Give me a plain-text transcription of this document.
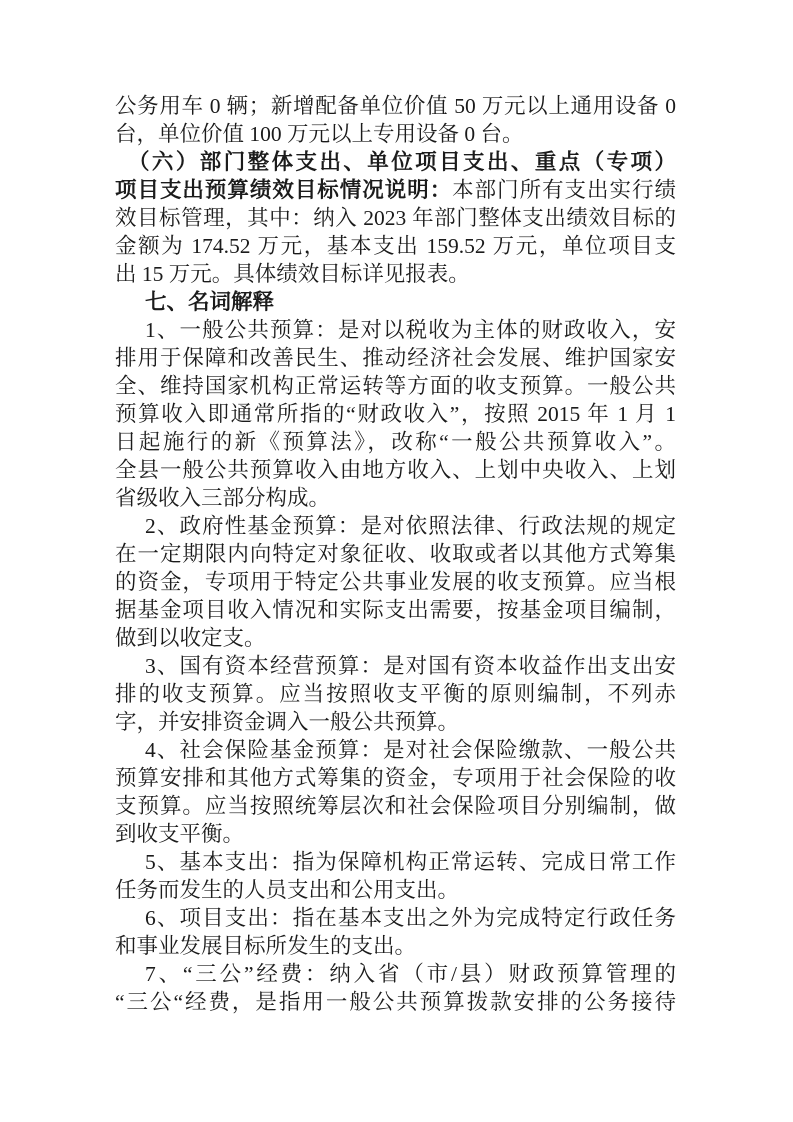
公务用车 0 辆；新增配备单位价值 50 万元以上通用设备 0
台，单位价值 100 万元以上专用设备 0 台。
（六）部门整体支出、单位项目支出、重点（专项）
项目支出预算绩效目标情况说明：本部门所有支出实行绩
效目标管理，其中：纳入 2023 年部门整体支出绩效目标的
金额为 174.52 万元，基本支出 159.52 万元，单位项目支
出 15 万元。具体绩效目标详见报表。
七、名词解释
1、一般公共预算：是对以税收为主体的财政收入，安
排用于保障和改善民生、推动经济社会发展、维护国家安
全、维持国家机构正常运转等方面的收支预算。一般公共
预算收入即通常所指的“财政收入”，按照 2015 年 1 月 1
日起施行的新《预算法》，改称“一般公共预算收入”。
全县一般公共预算收入由地方收入、上划中央收入、上划
省级收入三部分构成。
2、政府性基金预算：是对依照法律、行政法规的规定
在一定期限内向特定对象征收、收取或者以其他方式筹集
的资金，专项用于特定公共事业发展的收支预算。应当根
据基金项目收入情况和实际支出需要，按基金项目编制，
做到以收定支。
3、国有资本经营预算：是对国有资本收益作出支出安
排的收支预算。应当按照收支平衡的原则编制，不列赤
字，并安排资金调入一般公共预算。
4、社会保险基金预算：是对社会保险缴款、一般公共
预算安排和其他方式筹集的资金，专项用于社会保险的收
支预算。应当按照统筹层次和社会保险项目分别编制，做
到收支平衡。
5、基本支出：指为保障机构正常运转、完成日常工作
任务而发生的人员支出和公用支出。
6、项目支出：指在基本支出之外为完成特定行政任务
和事业发展目标所发生的支出。
7、“三公”经费：纳入省（市/县）财政预算管理的
“三公“经费，是指用一般公共预算拨款安排的公务接待
